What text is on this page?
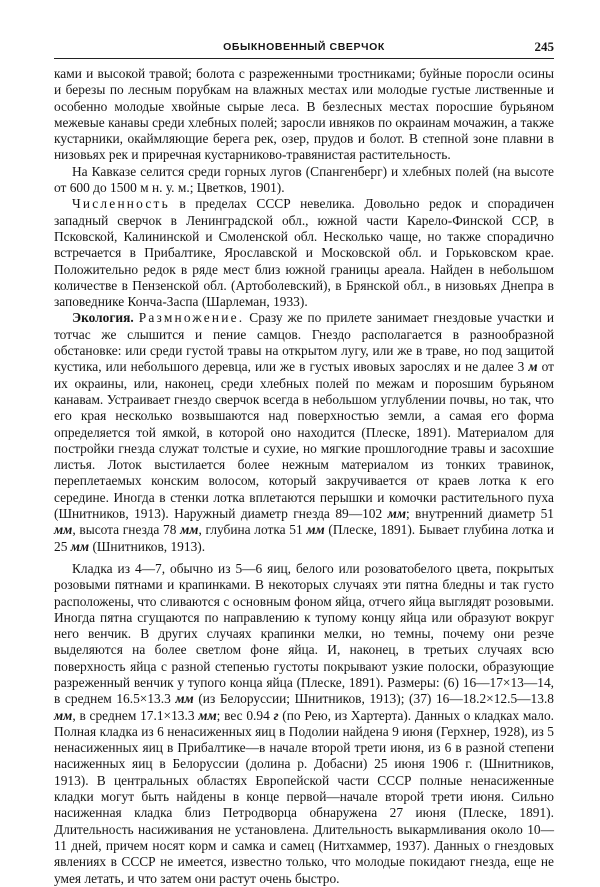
ОБЫКНОВЕННЫЙ СВЕРЧОК	245

ками и высокой травой; болота с разреженными тростниками; буйные поросли осины и березы по лесным порубкам на влажных местах или молодые густые лиственные и особенно молодые хвойные сырые леса. В безлесных местах поросшие бурьяном межевые канавы среди хлебных полей; заросли ивняков по окраинам мочажин, а также кустарники, окаймляющие берега рек, озер, прудов и болот. В степной зоне плавни в низовьях рек и приречная кустарниково-травянистая растительность.

На Кавказе селится среди горных лугов (Спангенберг) и хлебных полей (на высоте от 600 до 1500 м н. у. м.; Цветков, 1901).

Численность в пределах СССР невелика. Довольно редок и спорадичен западный сверчок в Ленинградской обл., южной части Карело-Финской ССР, в Псковской, Калининской и Смоленской обл. Несколько чаще, но также спорадично встречается в Прибалтике, Ярославской и Московской обл. и Горьковском крае. Положительно редок в ряде мест близ южной границы ареала. Найден в небольшом количестве в Пензенской обл. (Артоболевский), в Брянской обл., в низовьях Днепра в заповеднике Конча-Заспа (Шарлеман, 1933).

Экология. Размножение. Сразу же по прилете занимает гнездовые участки и тотчас же слышится и пение самцов. Гнездо располагается в разнообразной обстановке: или среди густой травы на открытом лугу, или же в траве, но под защитой кустика, или небольшого деревца, или же в густых ивовых зарослях и не далее 3 м от их окраины, или, наконец, среди хлебных полей по межам и порosшим бурьяном канавам. Устраивает гнездо сверчок всегда в небольшом углублении почвы, но так, что его края несколько возвышаются над поверхностью земли, а самая его форма определяется той ямкой, в которой оно находится (Плеске, 1891). Материалом для постройки гнезда служат толстые и сухие, но мягкие прошлогодние травы и засохшие листья. Лоток выстилается более нежным материалом из тонких травинок, переплетаемых конским волосом, который закручивается от краев лотка к его середине. Иногда в стенки лотка вплетаются перышки и комочки растительного пуха (Шнитников, 1913). Наружный диаметр гнезда 89—102 мм; внутренний диаметр 51 мм, высота гнезда 78 мм, глубина лотка 51 мм (Плеске, 1891). Бывает глубина лотка и 25 мм (Шнитников, 1913).

Кладка из 4—7, обычно из 5—6 яиц, белого или розоватобелого цвета, покрытых розовыми пятнами и крапинками. В некоторых случаях эти пятна бледны и так густо расположены, что сливаются с основным фоном яйца, отчего яйца выглядят розовыми. Иногда пятна сгущаются по направлению к тупому концу яйца или образуют вокруг него венчик. В других случаях крапинки мелки, но темны, почему они резче выделяются на более светлом фоне яйца. И, наконец, в третьих случаях всю поверхность яйца с разной степенью густоты покрывают узкие полоски, образующие разреженный венчик у тупого конца яйца (Плеске, 1891). Размеры: (6) 16—17×13—14, в среднем 16.5×13.3 мм (из Белоруссии; Шнитников, 1913); (37) 16—18.2×12.5—13.8 мм, в среднем 17.1×13.3 мм; вес 0.94 г (по Рею, из Хартерта). Данных о кладках мало. Полная кладка из 6 ненасиженных яиц в Подолии найдена 9 июня (Герхнер, 1928), из 5 ненасиженных яиц в Прибалтике—в начале второй трети июня, из 6 в разной степени насиженных яиц в Белоруссии (долина р. Добасни) 25 июня 1906 г. (Шнитников, 1913). В центральных областях Европейской части СССР полные ненасиженные кладки могут быть найдены в конце первой—начале второй трети июня. Сильно насиженная кладка близ Петродворца обнаружена 27 июня (Плеске, 1891). Длительность насиживания не установлена. Длительность выкармливания около 10—11 дней, причем носят корм и самка и самец (Нитхаммер, 1937). Данных о гнездовых явлениях в СССР не имеется, известно только, что молодые покидают гнезда, еще не умея летать, и что затем они растут очень быстро.
